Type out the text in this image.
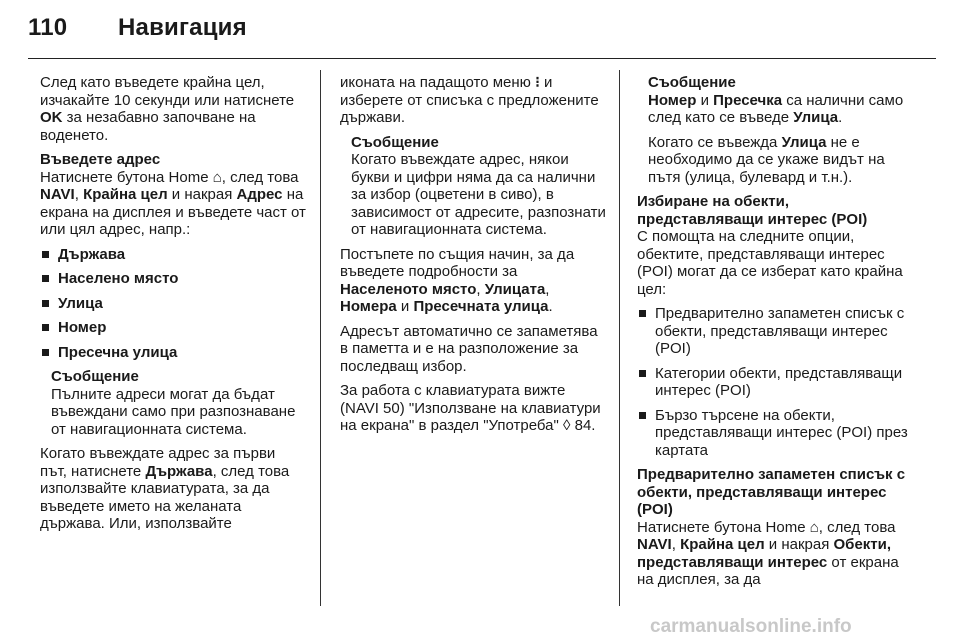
110 Навигация

След като въведете крайна цел, изчакайте 10 секунди или натиснете OK за незабавно започване на воденето.

Въведете адрес

Натиснете бутона Home ⌂, след това NAVI, Крайна цел и накрая Адрес на екрана на дисплея и въведете част от или цял адрес, напр.:

Държава
Населено място
Улица
Номер
Пресечна улица
Съобщение
Пълните адреси могат да бъдат въвеждани само при разпознаване от навигационната система.

Когато въвеждате адрес за първи път, натиснете Държава, след това използвайте клавиатурата, за да въведете името на желаната държава. Или, използвайте

иконата на падащото меню ⁝ и изберете от списъка с предложените държави.

Съобщение
Когато въвеждате адрес, някои букви и цифри няма да са налични за избор (оцветени в сиво), в зависимост от адресите, разпознати от навигационната система.

Постъпете по същия начин, за да въведете подробности за Населеното място, Улицата, Номера и Пресечната улица.

Адресът автоматично се запаметява в паметта и е на разположение за последващ избор.

За работа с клавиатурата вижте (NAVI 50) "Използване на клавиатури на екрана" в раздел "Употреба" ◊ 84.

Съобщение

Номер и Пресечка са налични само след като се въведе Улица.

Когато се въвежда Улица не е необходимо да се укаже видът на пътя (улица, булевард и т.н.).

Избиране на обекти, представляващи интерес (POI)

С помощта на следните опции, обектите, представляващи интерес (POI) могат да се изберат като крайна цел:

Предварително запаметен списък с обекти, представляващи интерес (POI)
Категории обекти, представляващи интерес (POI)
Бързо търсене на обекти, представляващи интерес (POI) през картата
Предварително запаметен списък с обекти, представляващи интерес (POI)

Натиснете бутона Home ⌂, след това NAVI, Крайна цел и накрая Обекти, представляващи интерес от екрана на дисплея, за да

carmanualsonline.info
